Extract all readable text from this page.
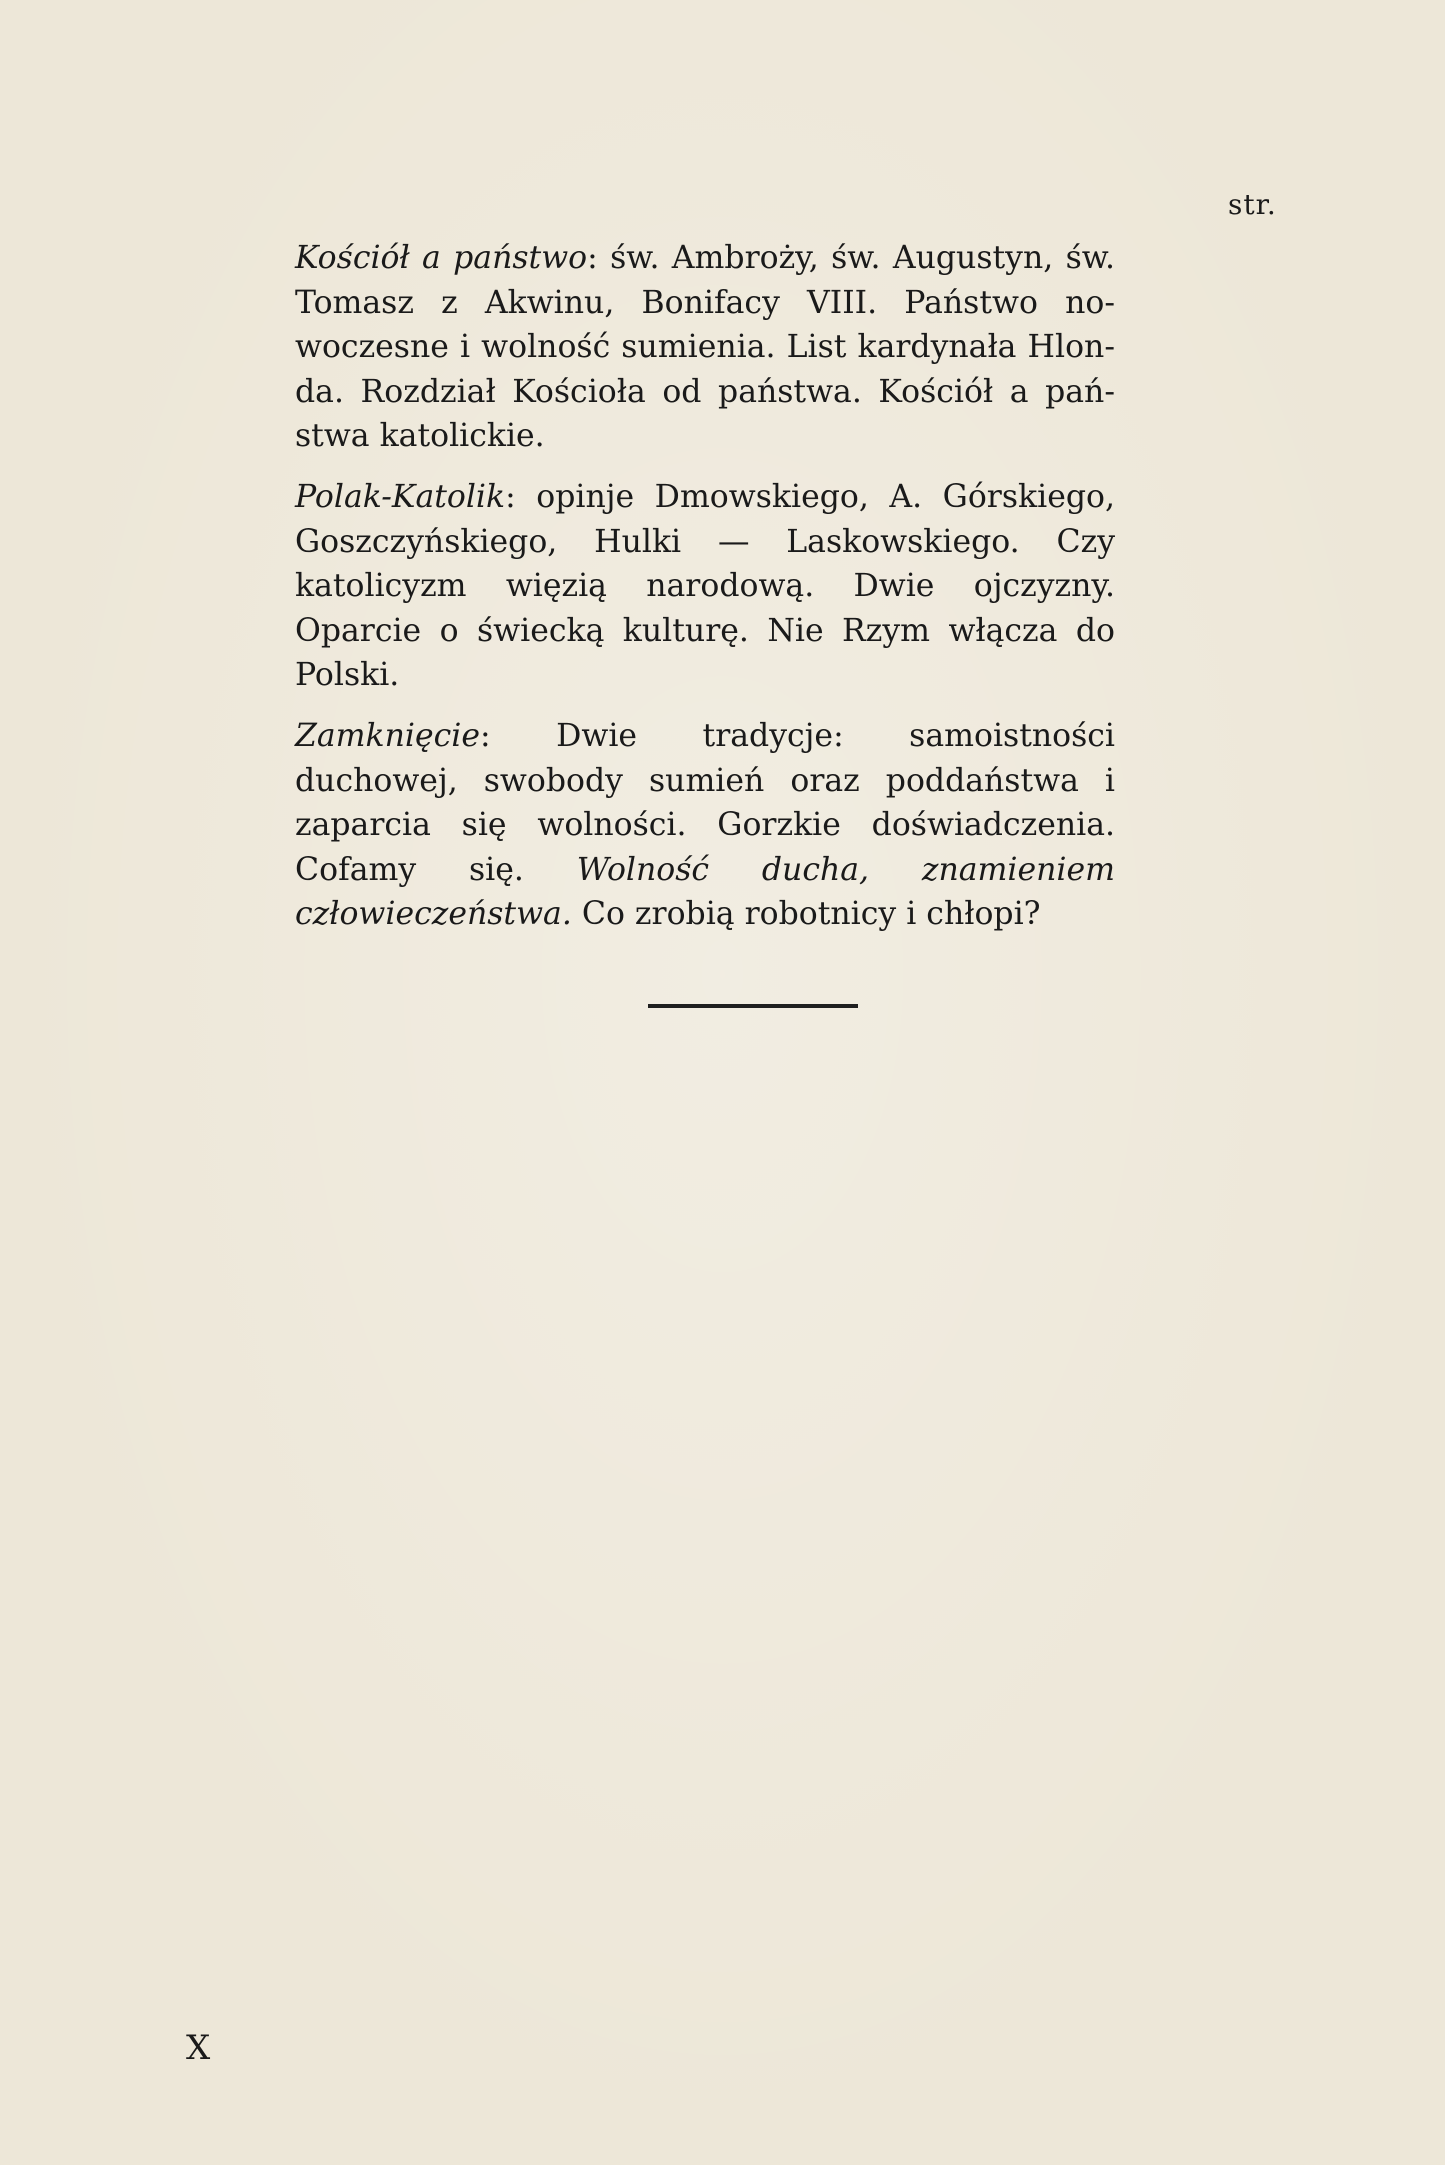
str.

Kościół a państwo: św. Ambroży, św. Augustyn, św. Tomasz z Akwinu, Bonifacy VIII. Państwo nowoczesne i wolność sumienia. List kardynała Hlonda. Rozdział Kościoła od państwa. Kościół a państwa katolickie.

Polak-Katolik: opinje Dmowskiego, A. Górskiego, Goszczyńskiego, Hulki — Laskowskiego. Czy katolicyzm więzią narodową. Dwie ojczyzny. Oparcie o świecką kulturę. Nie Rzym włącza do Polski.

Zamknięcie: Dwie tradycje: samoistności duchowej, swobody sumień oraz poddaństwa i zaparcia się wolności. Gorzkie doświadczenia. Cofamy się. Wolność ducha, znamieniem człowieczeństwa. Co zrobią robotnicy i chłopi?

X
